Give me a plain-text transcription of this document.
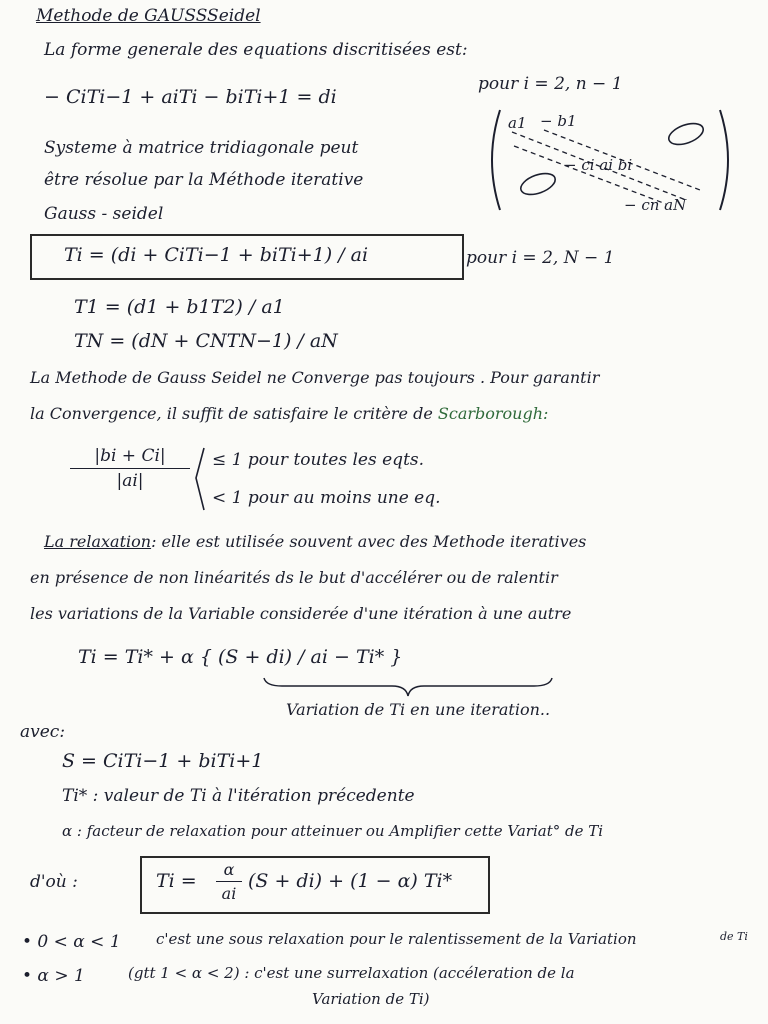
Methode de GAUSSSeidel
La forme generale des equations discritisées est:
− CiTi−1 + aiTi − biTi+1 = di
pour i = 2, n − 1
Systeme à matrice tridiagonale peut
être résolue par la Méthode iterative
Gauss - seidel
a1 − b1
− ci ai bi
− cn aN
Ti = (di + CiTi−1 + biTi+1) / ai	pour i = 2, N − 1
T1 = (d1 + b1T2) / a1
TN = (dN + CNTN−1) / aN
La Methode de Gauss Seidel ne Converge pas toujours . Pour garantir
la Convergence, il suffit de satisfaire le critère de Scarborough:
|bi + Ci|
|ai|
≤ 1 pour toutes les eqts.
< 1 pour au moins une eq.
La relaxation: elle est utilisée souvent avec des Methode iteratives
en présence de non linéarités ds le but d'accélérer ou de ralentir
les variations de la Variable considerée d'une itération à une autre
Ti = Ti* + α { (S + di) / ai − Ti* }
Variation de Ti en une iteration..
avec:
S = CiTi−1 + biTi+1
Ti* : valeur de Ti à l'itération précedente
α : facteur de relaxation pour atteinuer ou Amplifier cette Variat° de Ti
d'où :	Ti =
α
ai
(S + di) + (1 − α) Ti*
• 0 < α < 1 c'est une sous relaxation pour le ralentissement de la Variation	de Ti
• α > 1	(gtt 1 < α < 2) : c'est une surrelaxation (accéleration de la
Variation de Ti)
